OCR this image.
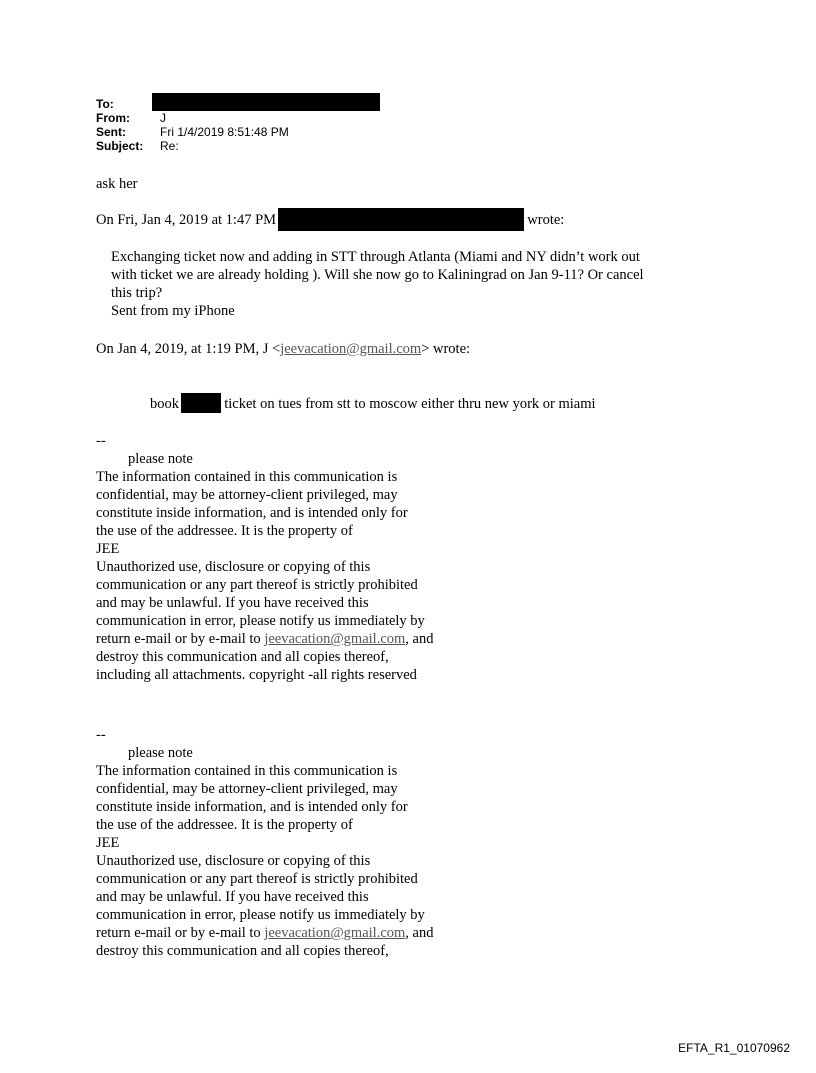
To:
From:	J
Sent:	Fri 1/4/2019 8:51:48 PM
Subject: Re:
ask her
On Fri, Jan 4, 2019 at 1:47 PM	wrote:
Exchanging ticket now and adding in STT through Atlanta (Miami and NY didn’t work out
with ticket we are already holding ). Will she now go to Kaliningrad on Jan 9-11? Or cancel
this trip?
Sent from my iPhone
On Jan 4, 2019, at 1:19 PM, J <jeevacation@gmail.com> wrote:
book	ticket on tues from stt to moscow either thru new york or miami
--
please note
The information contained in this communication is
confidential, may be attorney-client privileged, may
constitute inside information, and is intended only for
the use of the addressee. It is the property of
JEE
Unauthorized use, disclosure or copying of this
communication or any part thereof is strictly prohibited
and may be unlawful. If you have received this
communication in error, please notify us immediately by
return e-mail or by e-mail to jeevacation@gmail.com, and
destroy this communication and all copies thereof,
including all attachments. copyright -all rights reserved
--
please note
The information contained in this communication is
confidential, may be attorney-client privileged, may
constitute inside information, and is intended only for
the use of the addressee. It is the property of
JEE
Unauthorized use, disclosure or copying of this
communication or any part thereof is strictly prohibited
and may be unlawful. If you have received this
communication in error, please notify us immediately by
return e-mail or by e-mail to jeevacation@gmail.com, and
destroy this communication and all copies thereof,
EFTA_R1_01070962
